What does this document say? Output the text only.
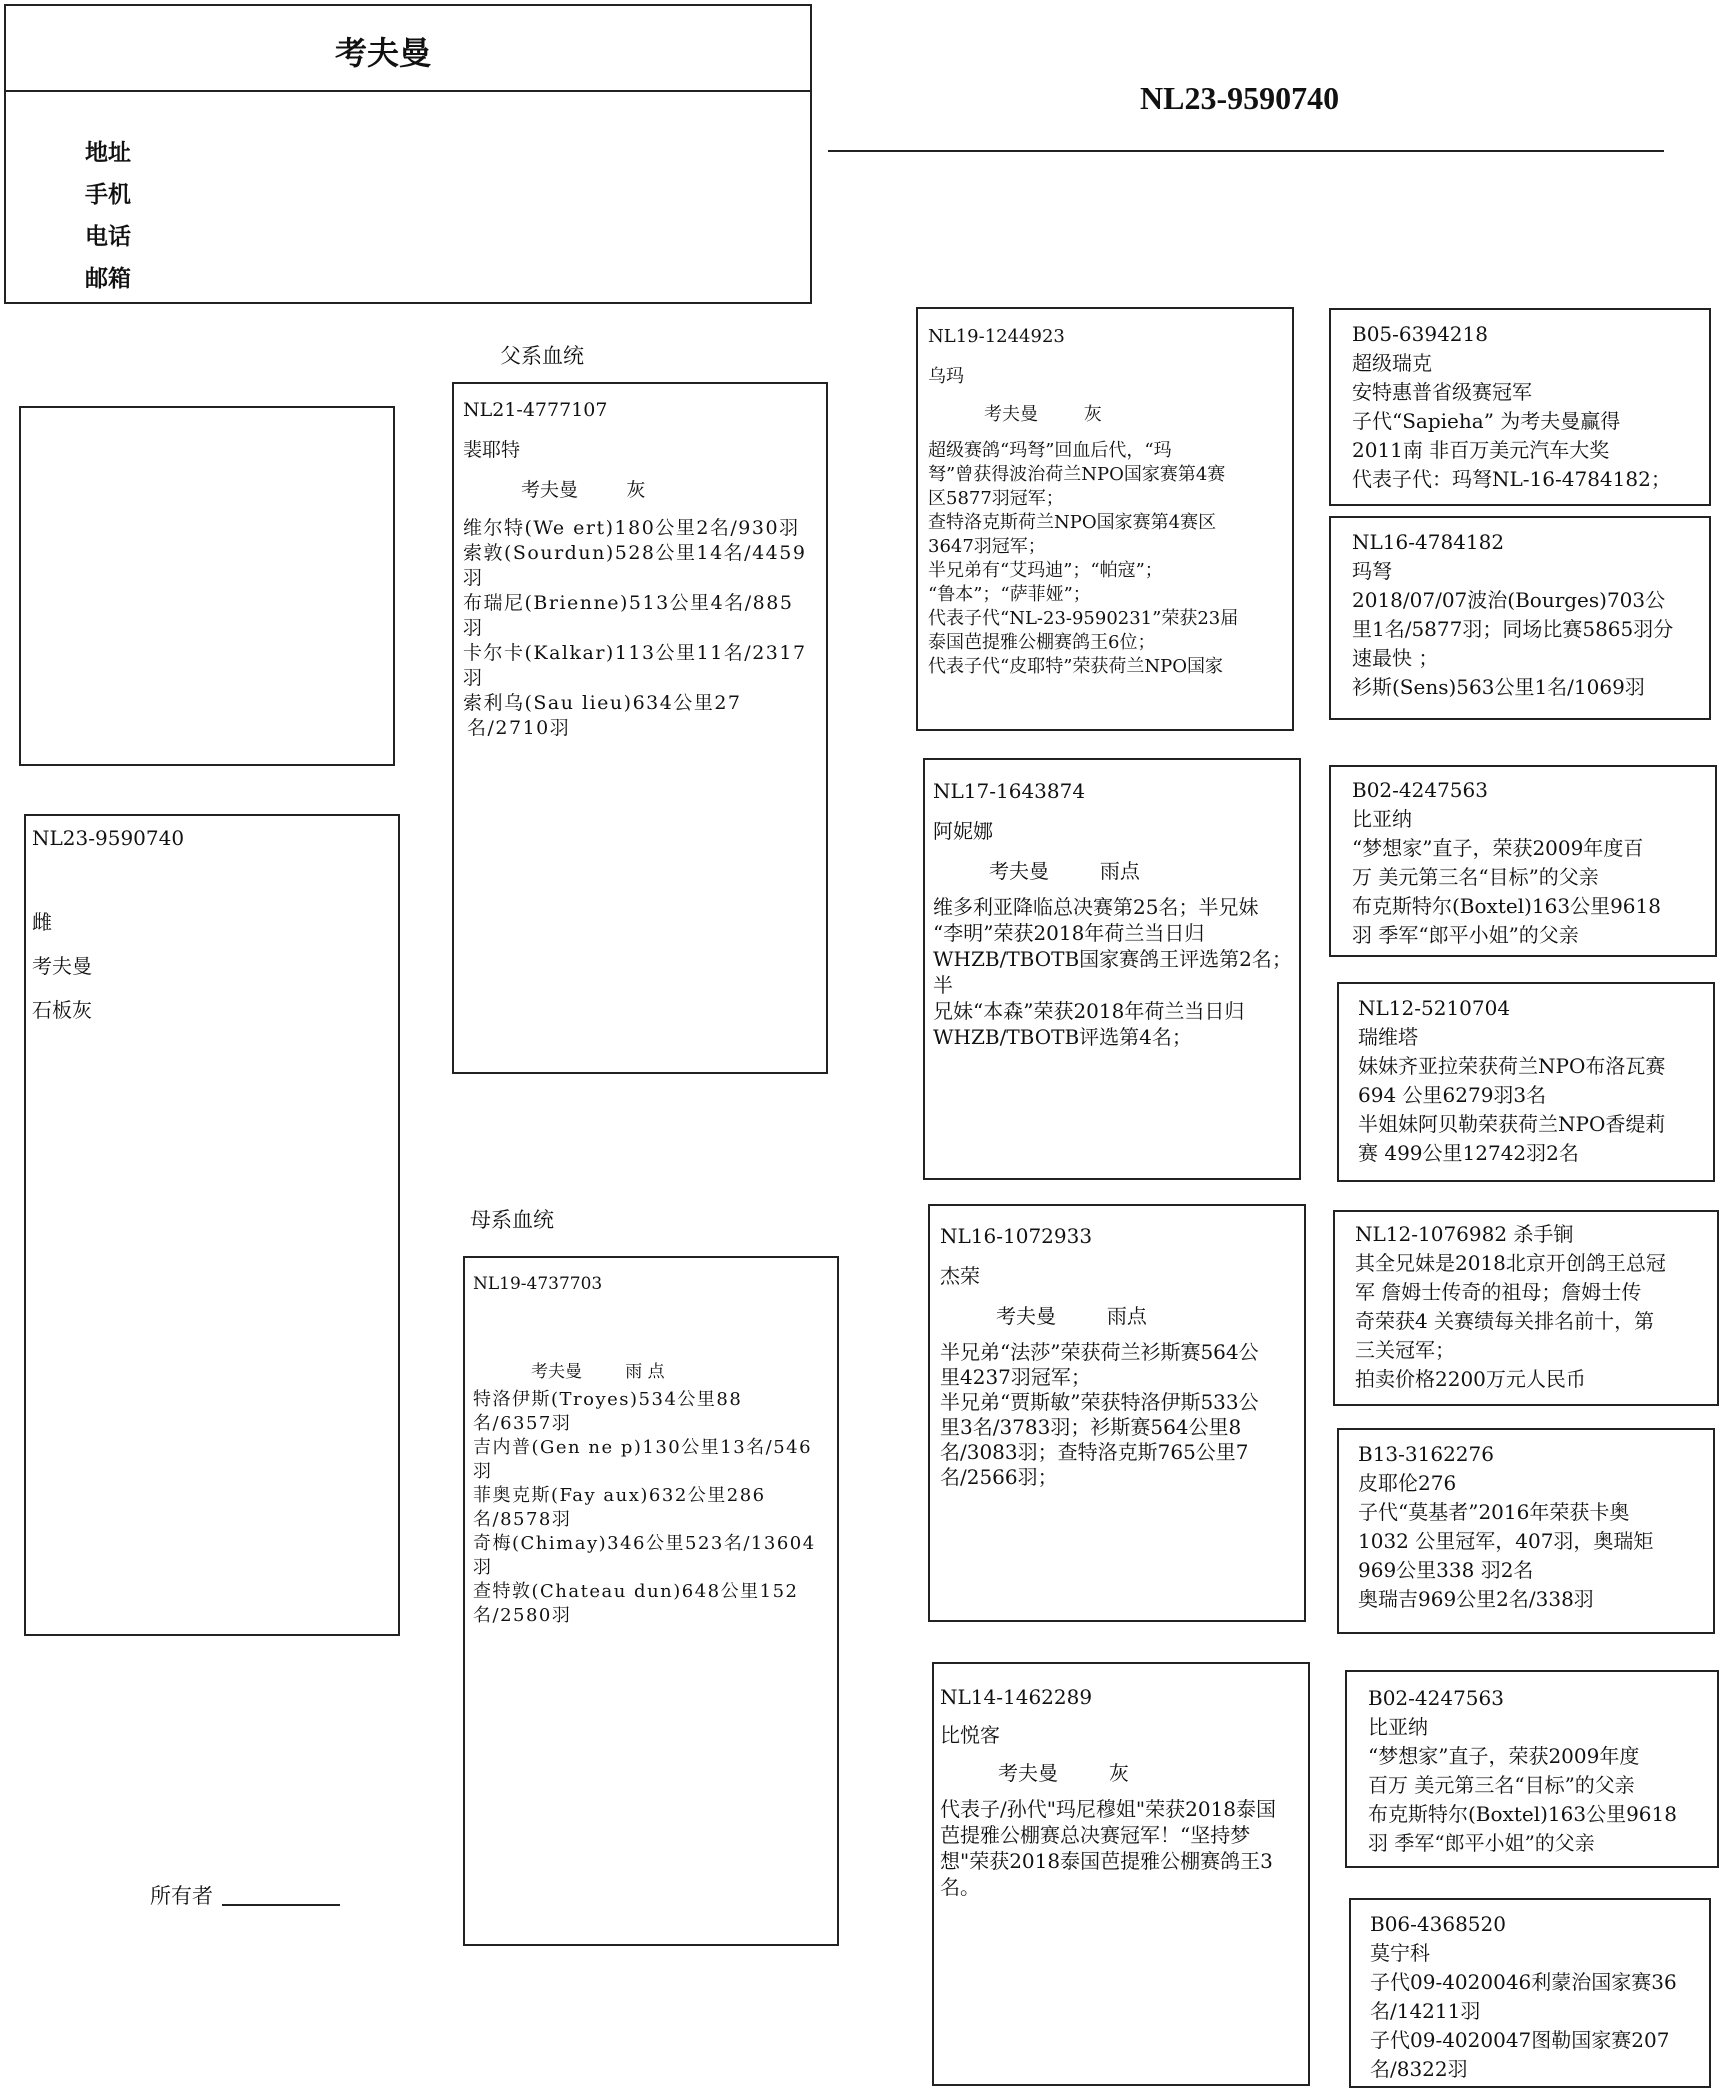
考夫曼
地址
手机
电话
邮箱
NL23-9590740
NL23-9590740
雌
考夫曼
石板灰
所有者
父系血统
母系血统
NL21-4777107
裴耶特
考夫曼        灰
维尔特(We ert)180公里2名/930羽
索敦(Sourdun)528公里14名/4459
羽
布瑞尼(Brienne)513公里4名/885
羽
卡尔卡(Kalkar)113公里11名/2317
羽
索利乌(Sau lieu)634公里27
名/2710羽
NL19-4737703
考夫曼        雨 点
特洛伊斯(Troyes)534公里88
名/6357羽
吉内普(Gen ne p)130公里13名/546
羽
菲奥克斯(Fay aux)632公里286
名/8578羽
奇梅(Chimay)346公里523名/13604
羽
查特敦(Chateau dun)648公里152
名/2580羽
NL19-1244923
乌玛
考夫曼        灰
超级赛鸽“玛弩”回血后代，“玛
弩”曾获得波治荷兰NPO国家赛第4赛
区5877羽冠军；
查特洛克斯荷兰NPO国家赛第4赛区
3647羽冠军；
半兄弟有“艾玛迪”；“帕寇”；
“鲁本”；“萨菲娅”；
代表子代“NL-23-9590231”荣获23届
泰国芭提雅公棚赛鸽王6位；
代表子代“皮耶特”荣获荷兰NPO国家
NL17-1643874
阿妮娜
考夫曼        雨点
维多利亚降临总决赛第25名；半兄妹
“李明”荣获2018年荷兰当日归
WHZB/TBOTB国家赛鸽王评选第2名；半
兄妹“本森”荣获2018年荷兰当日归
WHZB/TBOTB评选第4名；
NL16-1072933
杰荣
考夫曼        雨点
半兄弟“法莎”荣获荷兰衫斯赛564公
里4237羽冠军；
半兄弟“贾斯敏”荣获特洛伊斯533公
里3名/3783羽；衫斯赛564公里8
名/3083羽；查特洛克斯765公里7
名/2566羽；
NL14-1462289
比悦客
考夫曼        灰
代表子/孙代"玛尼穆姐"荣获2018泰国
芭提雅公棚赛总决赛冠军！“坚持梦
想"荣获2018泰国芭提雅公棚赛鸽王3
名。
B05-6394218
超级瑞克
安特惠普省级赛冠军
子代“Sapieha” 为考夫曼赢得
2011南 非百万美元汽车大奖
代表子代：玛弩NL-16-4784182；
NL16-4784182
玛弩
2018/07/07波治(Bourges)703公
里1名/5877羽；同场比赛5865羽分
速最快 ；
衫斯(Sens)563公里1名/1069羽
B02-4247563
比亚纳
“梦想家”直子，荣获2009年度百
万 美元第三名“目标”的父亲
布克斯特尔(Boxtel)163公里9618
羽 季军“郎平小姐”的父亲
NL12-5210704
瑞维塔
妹妹齐亚拉荣获荷兰NPO布洛瓦赛
694 公里6279羽3名
半姐妹阿贝勒荣获荷兰NPO香缇莉
赛 499公里12742羽2名
NL12-1076982 杀手锏
其全兄妹是2018北京开创鸽王总冠
军 詹姆士传奇的祖母；詹姆士传
奇荣获4 关赛绩每关排名前十，第
三关冠军；
拍卖价格2200万元人民币
B13-3162276
皮耶伦276
子代“莫基者”2016年荣获卡奥
1032 公里冠军，407羽，奥瑞矩
969公里338 羽2名
奥瑞吉969公里2名/338羽
B02-4247563
比亚纳
“梦想家”直子，荣获2009年度
百万 美元第三名“目标”的父亲
布克斯特尔(Boxtel)163公里9618
羽 季军“郎平小姐”的父亲
B06-4368520
莫宁科
子代09-4020046利蒙治国家赛36
名/14211羽
子代09-4020047图勒国家赛207
名/8322羽
